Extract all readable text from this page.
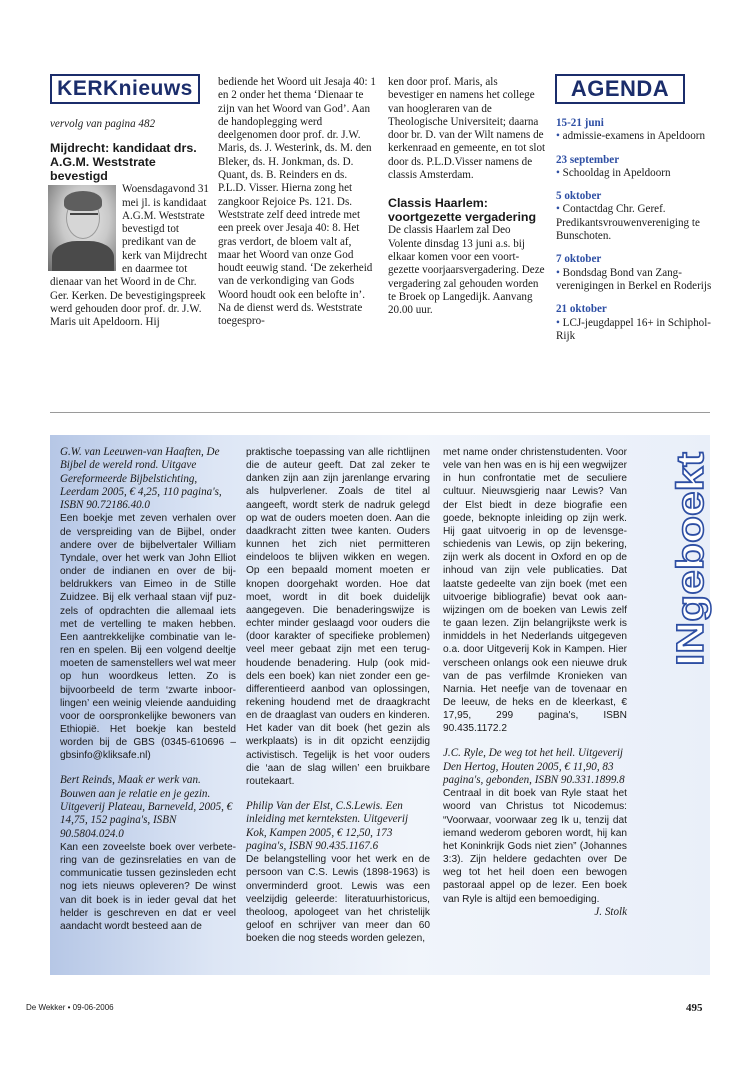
KERKnieuws	AGENDA

vervolg van pagina 482

Mijdrecht: kandidaat drs. A.G.M. Weststrate bevestigd

Woensdagavond 31 mei jl. is kandidaat A.G.M. Weststrate bevestigd tot predikant van de kerk van Mijdrecht en daarmee tot dienaar van het Woord in de Chr. Ger. Kerken. De bevestigingspreek werd gehouden door prof. dr. J.W. Maris uit Apeldoorn. Hij

bediende het Woord uit Jesaja 40: 1 en 2 onder het thema ‘Dienaar te zijn van het Woord van God’. Aan de handoplegging werd deelgenomen door prof. dr. J.W. Maris, ds. J. Westerink, ds. M. den Bleker, ds. H. Jonkman, ds. D. Quant, ds. B. Reinders en ds. P.L.D. Visser. Hierna zong het zangkoor Rejoice Ps. 121. Ds. Weststrate zelf deed intrede met een preek over Jesaja 40: 8. Het gras verdort, de bloem valt af, maar het Woord van onze God houdt eeuwig stand. ‘De zekerheid van de verkondiging van Gods Woord houdt ook een belofte in’. Na de dienst werd ds. Weststrate toegespro-

ken door prof. Maris, als bevestiger en namens het college van hoogleraren van de Theologische Universiteit; daarna door br. D. van der Wilt namens de kerkenraad en gemeente, en tot slot door ds. P.L.D.Visser namens de classis Amsterdam.

Classis Haarlem: voortgezette vergadering

De classis Haarlem zal Deo Volente dinsdag 13 juni a.s. bij elkaar komen voor een voortgezette voorjaarsvergadering. Deze vergadering zal gehouden worden te Broek op Langedijk. Aanvang 20.00 uur.

15-21 juni

• admissie-examens in Apeldoorn

23 september

• Schooldag in Apeldoorn

5 oktober

• Contactdag Chr. Geref. Predikantsvrouwenvereniging te Bunschoten.

7 oktober

• Bondsdag Bond van Zangverenigingen in Berkel en Roderijs

21 oktober

• LCJ-jeugdappel 16+ in Schiphol-Rijk

G.W. van Leeuwen-van Haaften, De Bijbel de wereld rond. Uitgave Gereformeerde Bijbelstichting, Leerdam 2005, € 4,25, 110 pagina's, ISBN 90.72186.40.0

Een boekje met zeven verhalen over de verspreiding van de Bijbel, onder andere over de bijbelvertaler William Tyndale, over het werk van John Elliot onder de indianen en over de bijbeldrukkers van Eimeo in de Stille Zuidzee. Bij elk verhaal staan vijf puzzels of opdrachten die allemaal iets met de vertelling te maken hebben. Een aantrekkelijke combinatie van leren en spelen. Bij een volgend deeltje moeten de samenstellers wel wat meer op hun woordkeus letten. Zo is bijvoorbeeld de term ‘zwarte inboorlingen’ een weinig vleiende aanduiding voor de oorspronkelijke bewoners van Ethiopië. Het boekje kan besteld worden bij de GBS (0345-610696 – gbsinfo@kliksafe.nl)

Bert Reinds, Maak er werk van. Bouwen aan je relatie en je gezin. Uitgeverij Plateau, Barneveld, 2005, € 14,75, 152 pagina's, ISBN 90.5804.024.0

Kan een zoveelste boek over verbetering van de gezinsrelaties en van de communicatie tussen gezinsleden echt nog iets nieuws opleveren? De winst van dit boek is in ieder geval dat het helder is geschreven en dat er veel aandacht wordt besteed aan de

praktische toepassing van alle richtlijnen die de auteur geeft. Dat zal zeker te danken zijn aan zijn jarenlange ervaring als hulpverlener. Zoals de titel al aangeeft, wordt sterk de nadruk gelegd op wat de ouders moeten doen. Aan die daadkracht zitten twee kanten. Ouders kunnen het zich niet permitteren eindeloos te blijven wikken en wegen. Op een bepaald moment moeten er knopen doorgehakt worden. Hoe dat moet, wordt in dit boek duidelijk aangegeven. Die benaderingswijze is echter minder geslaagd voor ouders die (door karakter of specifieke problemen) veel meer gebaat zijn met een terughoudende benadering. Hulp (ook middels een boek) kan niet zonder een gedifferentieerd aanbod van oplossingen, rekening houdend met de draagkracht en de draaglast van ouders en kinderen. Het kader van dit boek (het gezin als werkplaats) is in dit opzicht eenzijdig activistisch. Tegelijk is het voor ouders die ‘aan de slag willen’ een bruikbare routekaart.

Philip Van der Elst, C.S.Lewis. Een inleiding met kernteksten. Uitgeverij Kok, Kampen 2005, € 12,50, 173 pagina's, ISBN 90.435.1167.6

De belangstelling voor het werk en de persoon van C.S. Lewis (1898-1963) is onverminderd groot. Lewis was een veelzijdig geleerde: literatuurhistoricus, theoloog, apologeet van het christelijk geloof en schrijver van meer dan 60 boeken die nog steeds worden gelezen,

met name onder christenstudenten. Voor vele van hen was en is hij een wegwijzer in hun confrontatie met de seculiere cultuur. Nieuwsgierig naar Lewis? Van der Elst biedt in deze biografie een goede, beknopte inleiding op zijn werk. Hij gaat uitvoerig in op de levensgeschiedenis van Lewis, op zijn bekering, zijn werk als docent in Oxford en op de inhoud van zijn vele publicaties. Dat laatste gedeelte van zijn boek (met een uitvoerige bibliografie) bevat ook aanwijzingen om de boeken van Lewis zelf te gaan lezen. Zijn belangrijkste werk is inmiddels in het Nederlands uitgegeven o.a. door Uitgeverij Kok in Kampen. Hier verscheen onlangs ook een nieuwe druk van de pas verfilmde Kronieken van Narnia. Het neefje van de tovenaar en De leeuw, de heks en de kleerkast, € 17,95, 299 pagina's, ISBN 90.435.1172.2

J.C. Ryle, De weg tot het heil. Uitgeverij Den Hertog, Houten 2005, € 11,90, 83 pagina's, gebonden, ISBN 90.331.1899.8

Centraal in dit boek van Ryle staat het woord van Christus tot Nicodemus: “Voorwaar, voorwaar zeg Ik u, tenzij dat iemand wederom geboren wordt, hij kan het Koninkrijk Gods niet zien” (Johannes 3:3). Zijn heldere gedachten over De weg tot het heil doen een bewogen pastoraal appel op de lezer. Een boek van Ryle is altijd een bemoediging.

J. Stolk

INgeboekt
De Wekker • 09-06-2006	495
